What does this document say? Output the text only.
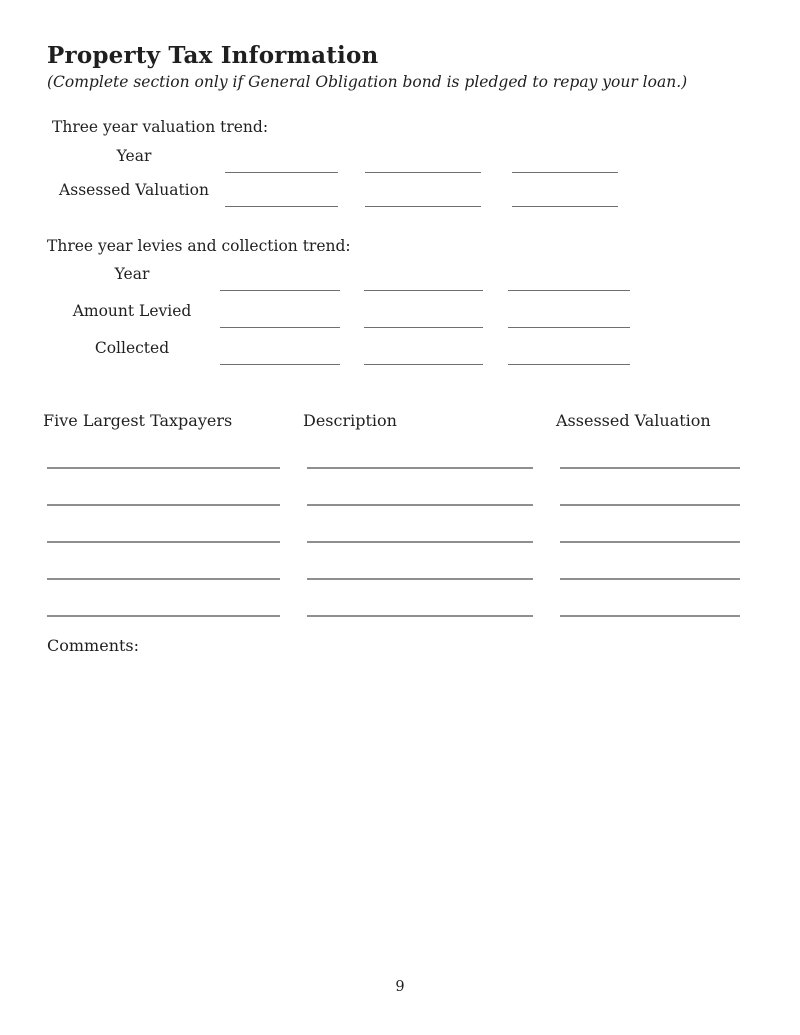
Property Tax Information

(Complete section only if General Obligation bond is pledged to repay your loan.)

Three year valuation trend:
Year
Assessed Valuation
Three year levies and collection trend:
Year
Amount Levied
Collected
Five Largest Taxpayers	Description	Assessed Valuation
Comments:
9
